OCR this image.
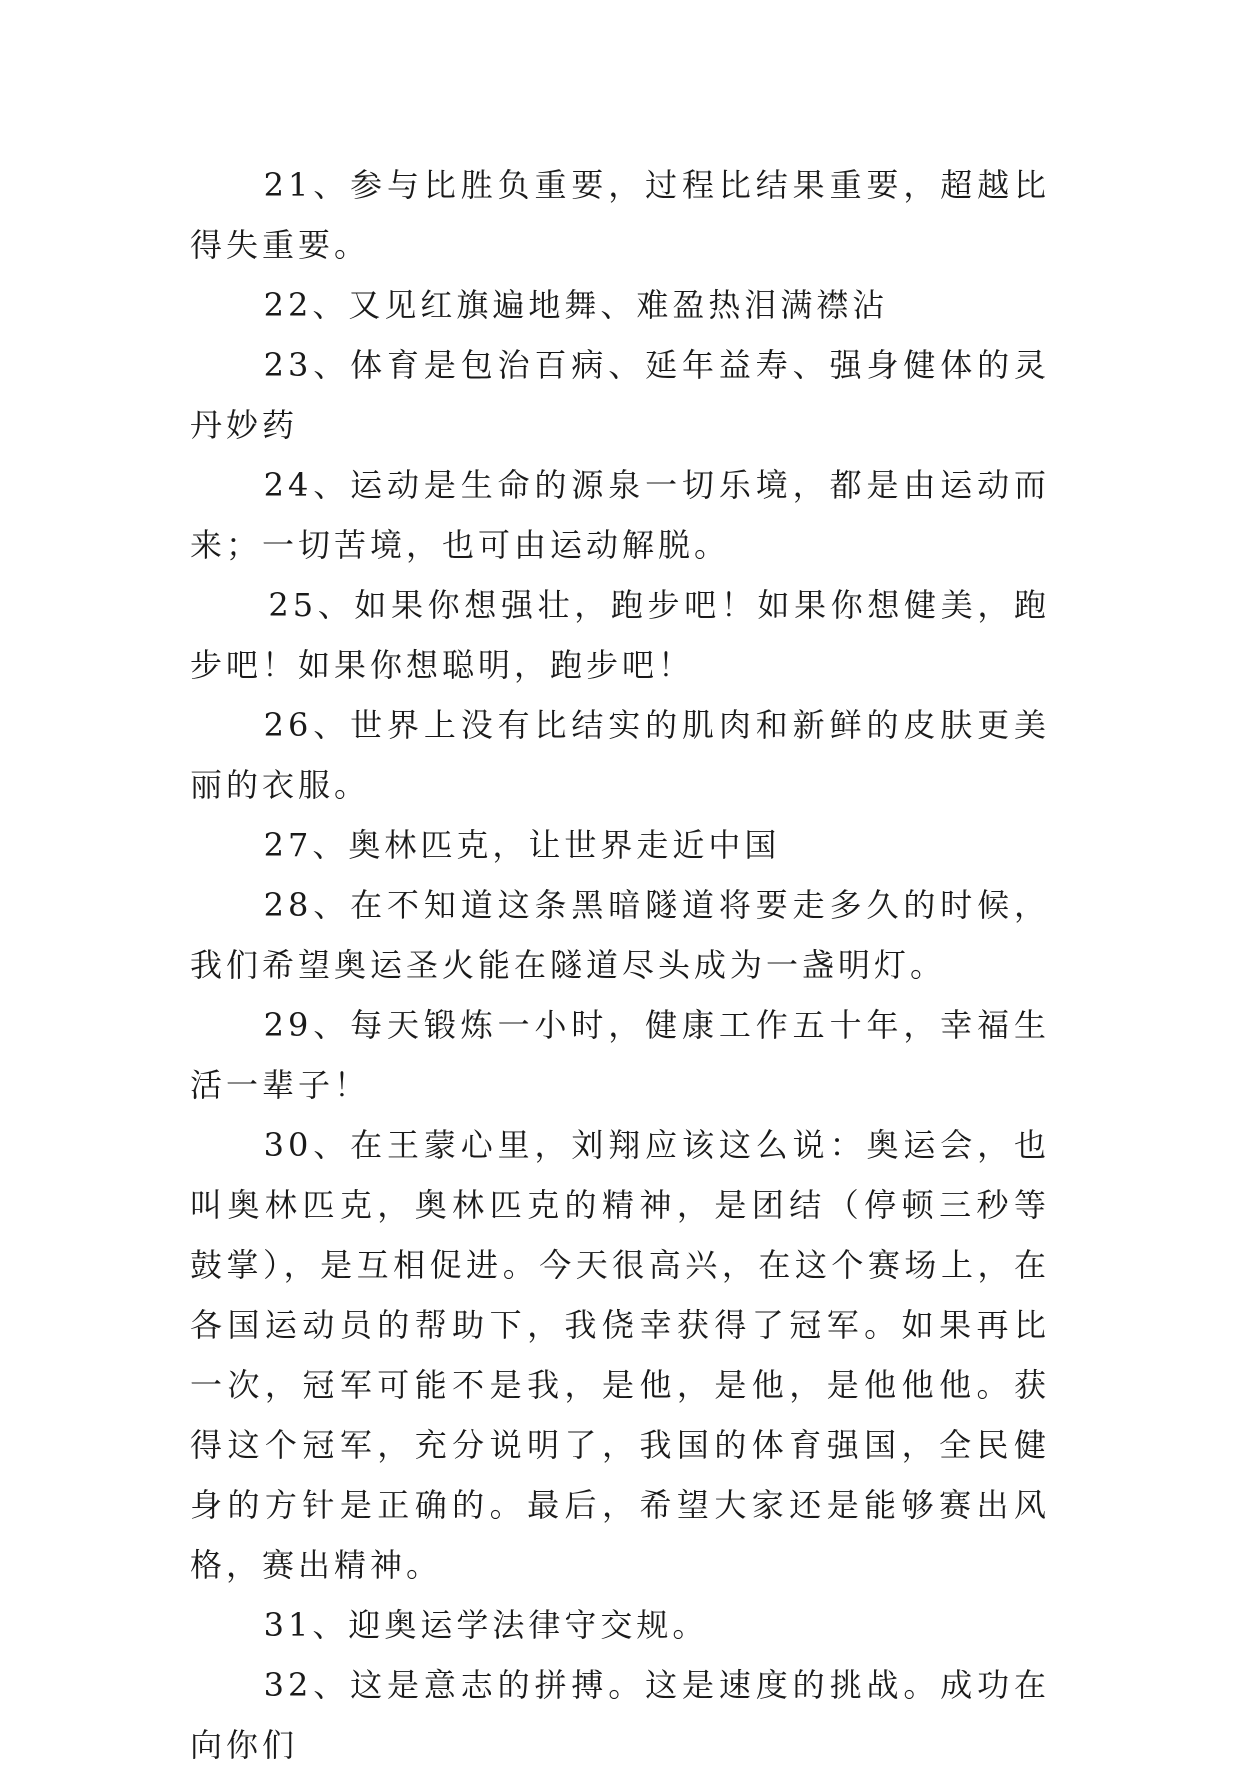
21、参与比胜负重要，过程比结果重要，超越比得失重要。

22、又见红旗遍地舞、难盈热泪满襟沾

23、体育是包治百病、延年益寿、强身健体的灵丹妙药

24、运动是生命的源泉一切乐境，都是由运动而来；一切苦境，也可由运动解脱。

25、如果你想强壮，跑步吧！如果你想健美，跑步吧！如果你想聪明，跑步吧！

26、世界上没有比结实的肌肉和新鲜的皮肤更美丽的衣服。

27、奥林匹克，让世界走近中国

28、在不知道这条黑暗隧道将要走多久的时候，我们希望奥运圣火能在隧道尽头成为一盏明灯。

29、每天锻炼一小时，健康工作五十年，幸福生活一辈子！

30、在王蒙心里，刘翔应该这么说：奥运会，也叫奥林匹克，奥林匹克的精神，是团结（停顿三秒等鼓掌），是互相促进。今天很高兴，在这个赛场上，在各国运动员的帮助下，我侥幸获得了冠军。如果再比一次，冠军可能不是我，是他，是他，是他他他。获得这个冠军，充分说明了，我国的体育强国，全民健身的方针是正确的。最后，希望大家还是能够赛出风格，赛出精神。

31、迎奥运学法律守交规。

32、这是意志的拼搏。这是速度的挑战。成功在向你们
